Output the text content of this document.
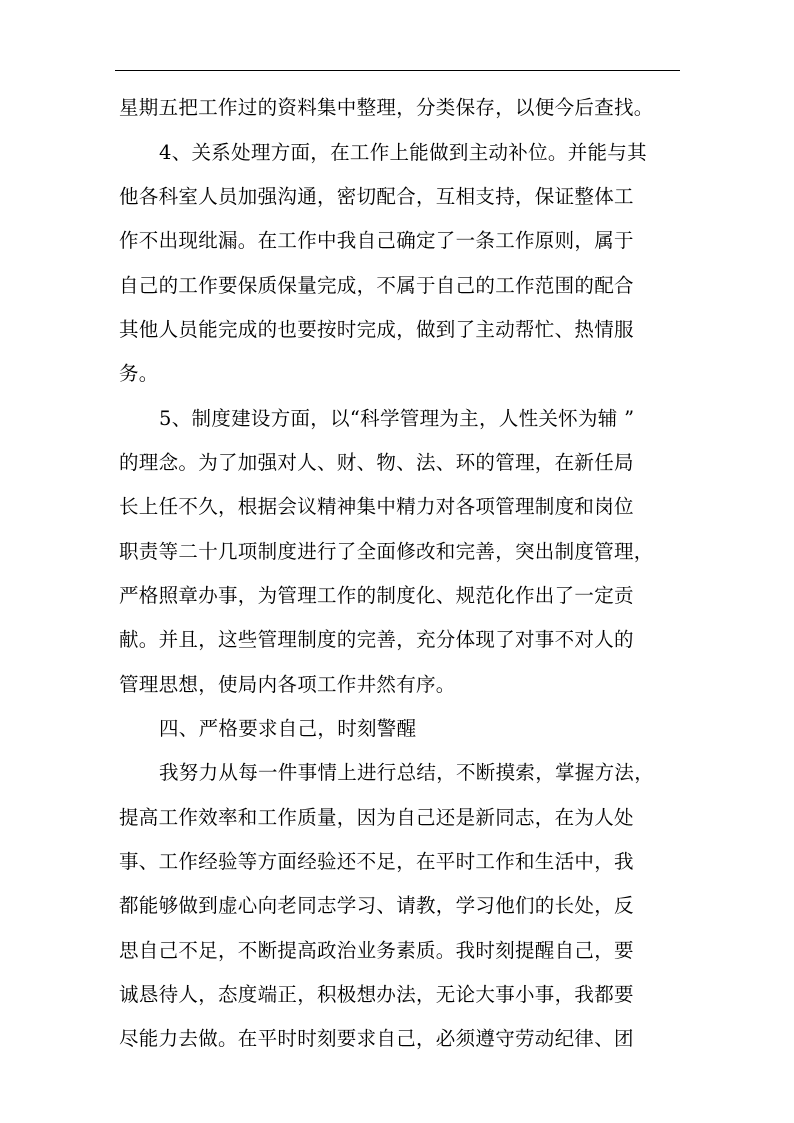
星期五把工作过的资料集中整理，分类保存，以便今后查找。
4、关系处理方面，在工作上能做到主动补位。并能与其
他各科室人员加强沟通，密切配合，互相支持，保证整体工
作不出现纰漏。在工作中我自己确定了一条工作原则，属于
自己的工作要保质保量完成，不属于自己的工作范围的配合
其他人员能完成的也要按时完成，做到了主动帮忙、热情服
务。
5、制度建设方面，以“科学管理为主，人性关怀为辅 ”
的理念。为了加强对人、财、物、法、环的管理，在新任局
长上任不久，根据会议精神集中精力对各项管理制度和岗位
职责等二十几项制度进行了全面修改和完善，突出制度管理，
严格照章办事，为管理工作的制度化、规范化作出了一定贡
献。并且，这些管理制度的完善，充分体现了对事不对人的
管理思想，使局内各项工作井然有序。
四、严格要求自己，时刻警醒
我努力从每一件事情上进行总结，不断摸索，掌握方法，
提高工作效率和工作质量，因为自己还是新同志，在为人处
事、工作经验等方面经验还不足，在平时工作和生活中，我
都能够做到虚心向老同志学习、请教，学习他们的长处，反
思自己不足，不断提高政治业务素质。我时刻提醒自己，要
诚恳待人，态度端正，积极想办法，无论大事小事，我都要
尽能力去做。在平时时刻要求自己，必须遵守劳动纪律、团
